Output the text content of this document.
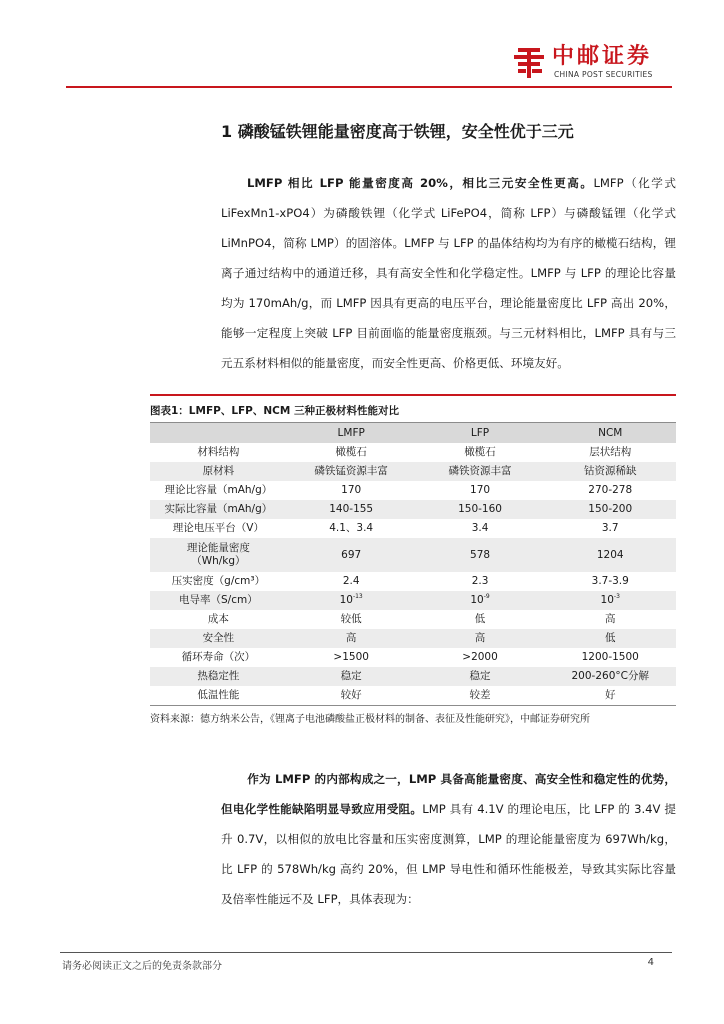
中邮证券
CHINA POST SECURITIES
1 磷酸锰铁锂能量密度高于铁锂，安全性优于三元

LMFP 相比 LFP 能量密度高 20%，相比三元安全性更高。LMFP（化学式 LiFexMn1-xPO4）为磷酸铁锂（化学式 LiFePO4，简称 LFP）与磷酸锰锂（化学式 LiMnPO4，简称 LMP）的固溶体。LMFP 与 LFP 的晶体结构均为有序的橄榄石结构，锂离子通过结构中的通道迁移，具有高安全性和化学稳定性。LMFP 与 LFP 的理论比容量均为 170mAh/g，而 LMFP 因具有更高的电压平台，理论能量密度比 LFP 高出 20%，能够一定程度上突破 LFP 目前面临的能量密度瓶颈。与三元材料相比，LMFP 具有与三元五系材料相似的能量密度，而安全性更高、价格更低、环境友好。

图表1：LMFP、LFP、NCM 三种正极材料性能对比
	LMFP	LFP	NCM
材料结构	橄榄石	橄榄石	层状结构
原材料	磷铁锰资源丰富	磷铁资源丰富	钴资源稀缺
理论比容量（mAh/g）	170	170	270-278
实际比容量（mAh/g）	140-155	150-160	150-200
理论电压平台（V）	4.1、3.4	3.4	3.7
理论能量密度
（Wh/kg）	697	578	1204
压实密度（g/cm³）	2.4	2.3	3.7-3.9
电导率（S/cm）	$10^{-13}$	$10^{-9}$	$10^{-3}$
成本	较低	低	高
安全性	高	高	低
循环寿命（次）	>1500	>2000	1200-1500
热稳定性	稳定	稳定	200-260°C分解
低温性能	较好	较差	好
资料来源：德方纳米公告，《锂离子电池磷酸盐正极材料的制备、表征及性能研究》，中邮证券研究所

作为 LMFP 的内部构成之一，LMP 具备高能量密度、高安全性和稳定性的优势，但电化学性能缺陷明显导致应用受阻。LMP 具有 4.1V 的理论电压，比 LFP 的 3.4V 提升 0.7V，以相似的放电比容量和压实密度测算，LMP 的理论能量密度为 697Wh/kg，比 LFP 的 578Wh/kg 高约 20%，但 LMP 导电性和循环性能极差，导致其实际比容量及倍率性能远不及 LFP，具体表现为：

请务必阅读正文之后的免责条款部分	4
